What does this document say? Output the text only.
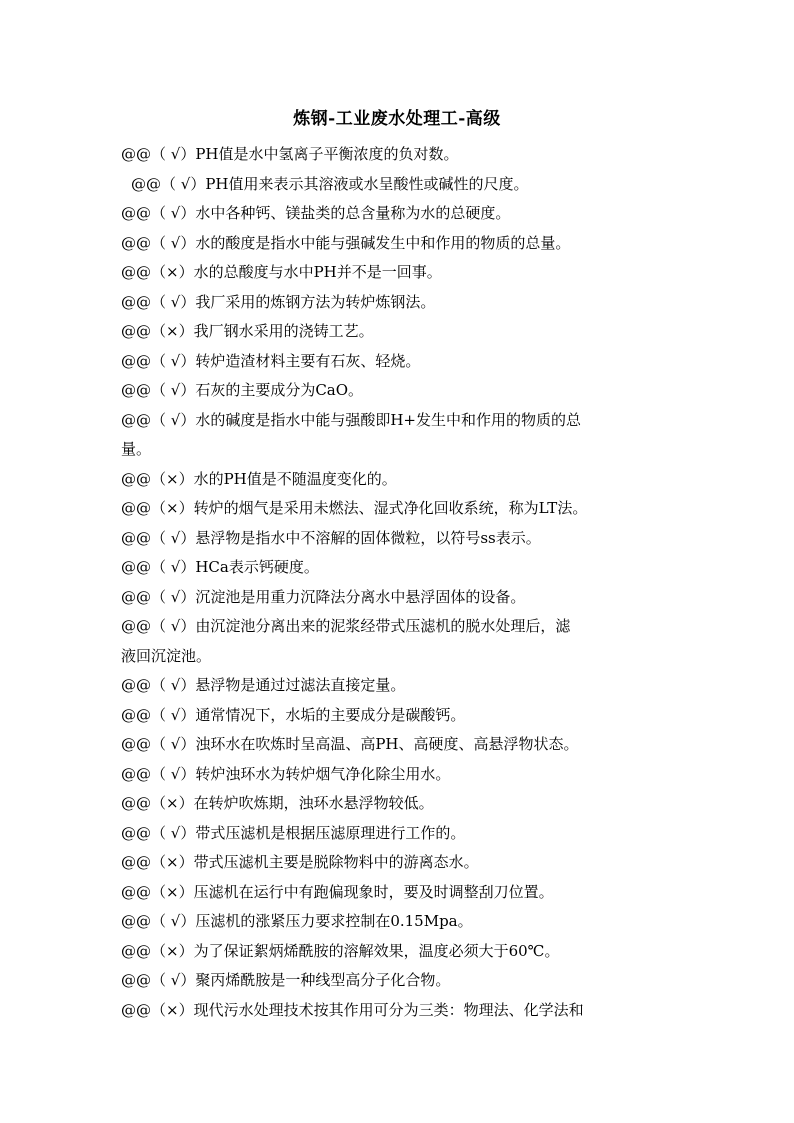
炼钢-工业废水处理工-高级
@@（ √）PH值是水中氢离子平衡浓度的负对数。
@@（ √）PH值用来表示其溶液或水呈酸性或碱性的尺度。
@@（ √）水中各种钙、镁盐类的总含量称为水的总硬度。
@@（ √）水的酸度是指水中能与强碱发生中和作用的物质的总量。
@@（×）水的总酸度与水中PH并不是一回事。
@@（ √）我厂采用的炼钢方法为转炉炼钢法。
@@（×）我厂钢水采用的浇铸工艺。
@@（ √）转炉造渣材料主要有石灰、轻烧。
@@（ √）石灰的主要成分为CaO。
@@（ √）水的碱度是指水中能与强酸即H+发生中和作用的物质的总
量。
@@（×）水的PH值是不随温度变化的。
@@（×）转炉的烟气是采用未燃法、湿式净化回收系统，称为LT法。
@@（ √）悬浮物是指水中不溶解的固体微粒，以符号ss表示。
@@（ √）HCa表示钙硬度。
@@（ √）沉淀池是用重力沉降法分离水中悬浮固体的设备。
@@（ √）由沉淀池分离出来的泥浆经带式压滤机的脱水处理后，滤
液回沉淀池。
@@（ √）悬浮物是通过过滤法直接定量。
@@（ √）通常情况下，水垢的主要成分是碳酸钙。
@@（ √）浊环水在吹炼时呈高温、高PH、高硬度、高悬浮物状态。
@@（ √）转炉浊环水为转炉烟气净化除尘用水。
@@（×）在转炉吹炼期，浊环水悬浮物较低。
@@（ √）带式压滤机是根据压滤原理进行工作的。
@@（×）带式压滤机主要是脱除物料中的游离态水。
@@（×）压滤机在运行中有跑偏现象时，要及时调整刮刀位置。
@@（ √）压滤机的涨紧压力要求控制在0.15Mpa。
@@（×）为了保证絮炳烯酰胺的溶解效果，温度必须大于60℃。
@@（ √）聚丙烯酰胺是一种线型高分子化合物。
@@（×）现代污水处理技术按其作用可分为三类：物理法、化学法和
